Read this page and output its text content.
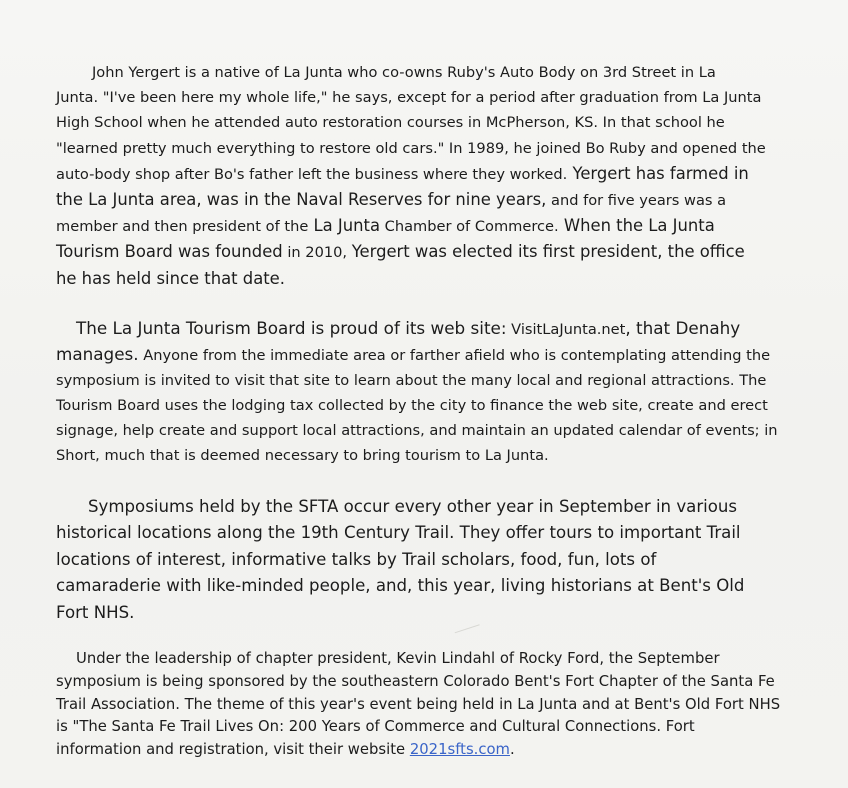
John Yergert is a native of La Junta who co-owns Ruby's Auto Body on 3rd Street in La
Junta. "I've been here my whole life," he says, except for a period after graduation from La Junta
High School when he attended auto restoration courses in McPherson, KS. In that school he
"learned pretty much everything to restore old cars." In 1989, he joined Bo Ruby and opened the
auto-body shop after Bo's father left the business where they worked. Yergert has farmed in
the La Junta area, was in the Naval Reserves for nine years, and for five years was a
member and then president of the La Junta Chamber of Commerce. When the La Junta
Tourism Board was founded in 2010, Yergert was elected its first president, the office
he has held since that date.
The La Junta Tourism Board is proud of its web site: VisitLaJunta.net, that Denahy
manages. Anyone from the immediate area or farther afield who is contemplating attending the
symposium is invited to visit that site to learn about the many local and regional attractions. The
Tourism Board uses the lodging tax collected by the city to finance the web site, create and erect
signage, help create and support local attractions, and maintain an updated calendar of events; in
Short, much that is deemed necessary to bring tourism to La Junta.
Symposiums held by the SFTA occur every other year in September in various
historical locations along the 19th Century Trail. They offer tours to important Trail
locations of interest, informative talks by Trail scholars, food, fun, lots of
camaraderie with like-minded people, and, this year, living historians at Bent's Old
Fort NHS.
Under the leadership of chapter president, Kevin Lindahl of Rocky Ford, the September
symposium is being sponsored by the southeastern Colorado Bent's Fort Chapter of the Santa Fe
Trail Association. The theme of this year's event being held in La Junta and at Bent's Old Fort NHS
is "The Santa Fe Trail Lives On: 200 Years of Commerce and Cultural Connections. Fort
information and registration, visit their website 2021sfts.com.
